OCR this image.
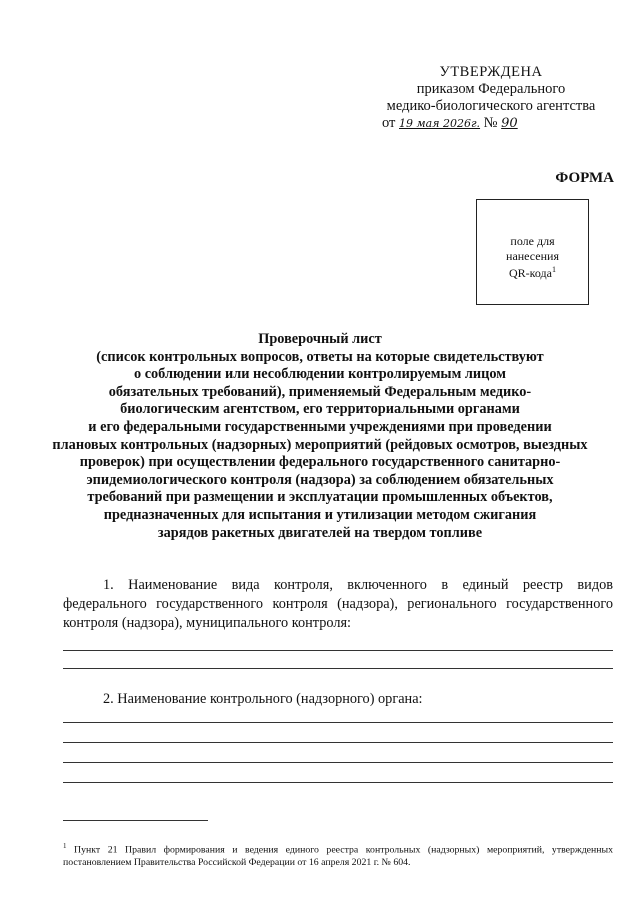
УТВЕРЖДЕНА
приказом Федерального
медико-биологического агентства
от 19 мая 2026г. № 90
ФОРМА
поле для
нанесения
QR-кода$^1$
Проверочный лист
(список контрольных вопросов, ответы на которые свидетельствуют
о соблюдении или несоблюдении контролируемым лицом
обязательных требований), применяемый Федеральным медико-
биологическим агентством, его территориальными органами
и его федеральными государственными учреждениями при проведении
плановых контрольных (надзорных) мероприятий (рейдовых осмотров, выездных
проверок) при осуществлении федерального государственного санитарно-
эпидемиологического контроля (надзора) за соблюдением обязательных
требований при размещении и эксплуатации промышленных объектов,
предназначенных для испытания и утилизации методом сжигания
зарядов ракетных двигателей на твердом топливе
1. Наименование вида контроля, включенного в единый реестр видов федерального государственного контроля (надзора), регионального государственного контроля (надзора), муниципального контроля:
2. Наименование контрольного (надзорного) органа:
$^1$ Пункт 21 Правил формирования и ведения единого реестра контрольных (надзорных) мероприятий, утвержденных постановлением Правительства Российской Федерации от 16 апреля 2021 г. № 604.
